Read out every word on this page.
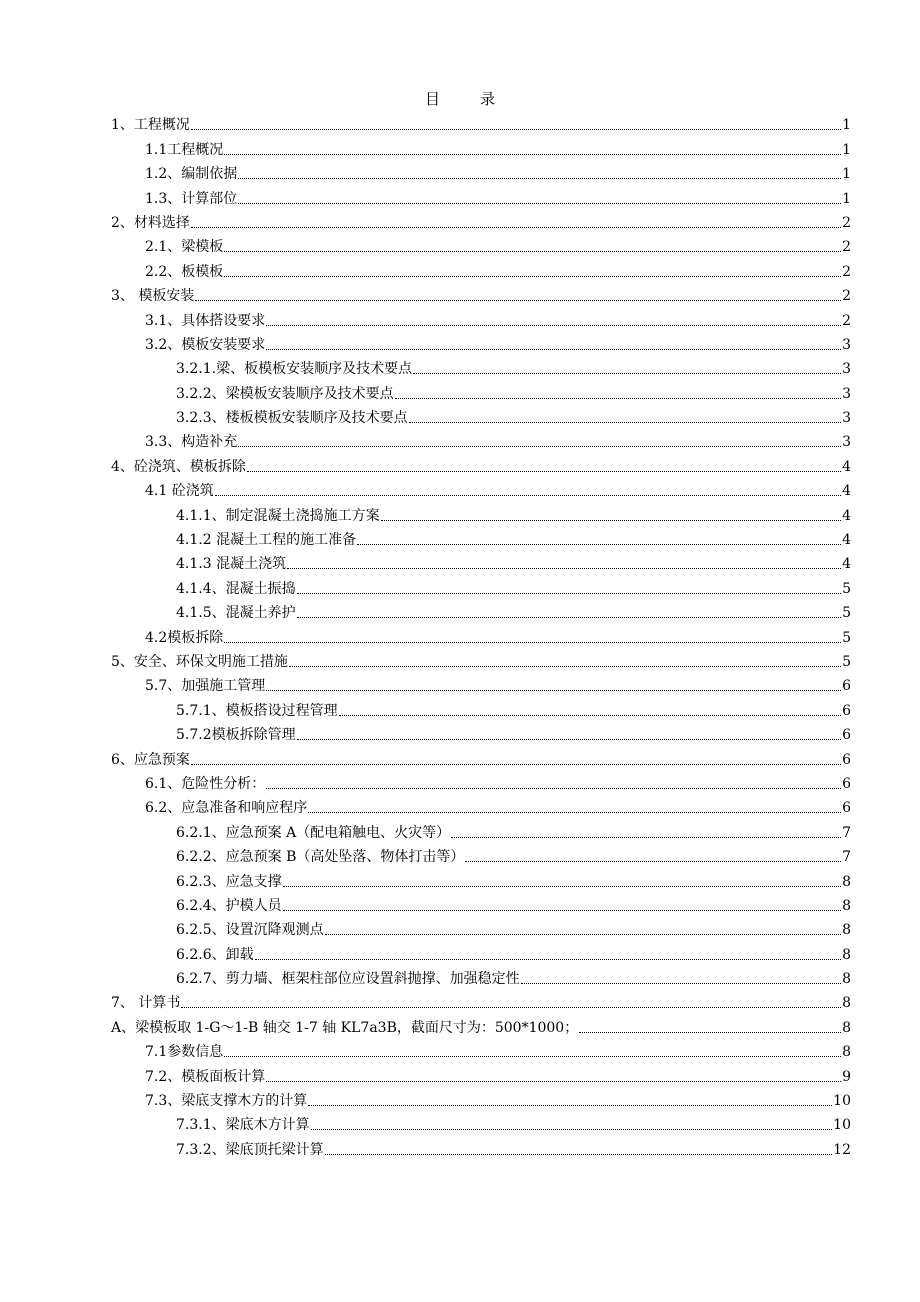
目	录
1、工程概况	1
1.1工程概况	1
1.2、编制依据	1
1.3、计算部位	1
2、材料选择	2
2.1、梁模板	2
2.2、板模板	2
3、 模板安装	2
3.1、具体搭设要求	2
3.2、模板安装要求	3
3.2.1.梁、板模板安装顺序及技术要点	3
3.2.2、梁模板安装顺序及技术要点	3
3.2.3、楼板模板安装顺序及技术要点	3
3.3、构造补充	3
4、砼浇筑、模板拆除	4
4.1 砼浇筑	4
4.1.1、制定混凝土浇捣施工方案	4
4.1.2 混凝土工程的施工准备	4
4.1.3 混凝土浇筑	4
4.1.4、混凝土振捣	5
4.1.5、混凝土养护	5
4.2模板拆除	5
5、安全、环保文明施工措施	5
5.7、加强施工管理	6
5.7.1、模板搭设过程管理	6
5.7.2模板拆除管理	6
6、应急预案	6
6.1、危险性分析：	6
6.2、应急准备和响应程序	6
6.2.1、应急预案 A（配电箱触电、火灾等）	7
6.2.2、应急预案 B（高处坠落、物体打击等）	7
6.2.3、应急支撑	8
6.2.4、护模人员	8
6.2.5、设置沉降观测点	8
6.2.6、卸载	8
6.2.7、剪力墙、框架柱部位应设置斜抛撑、加强稳定性	8
7、 计算书	8
A、梁模板取 1-G～1-B 轴交 1-7 轴 KL7a3B，截面尺寸为：500*1000；	8
7.1参数信息	8
7.2、模板面板计算	9
7.3、梁底支撑木方的计算	10
7.3.1、梁底木方计算	10
7.3.2、梁底顶托梁计算	12
